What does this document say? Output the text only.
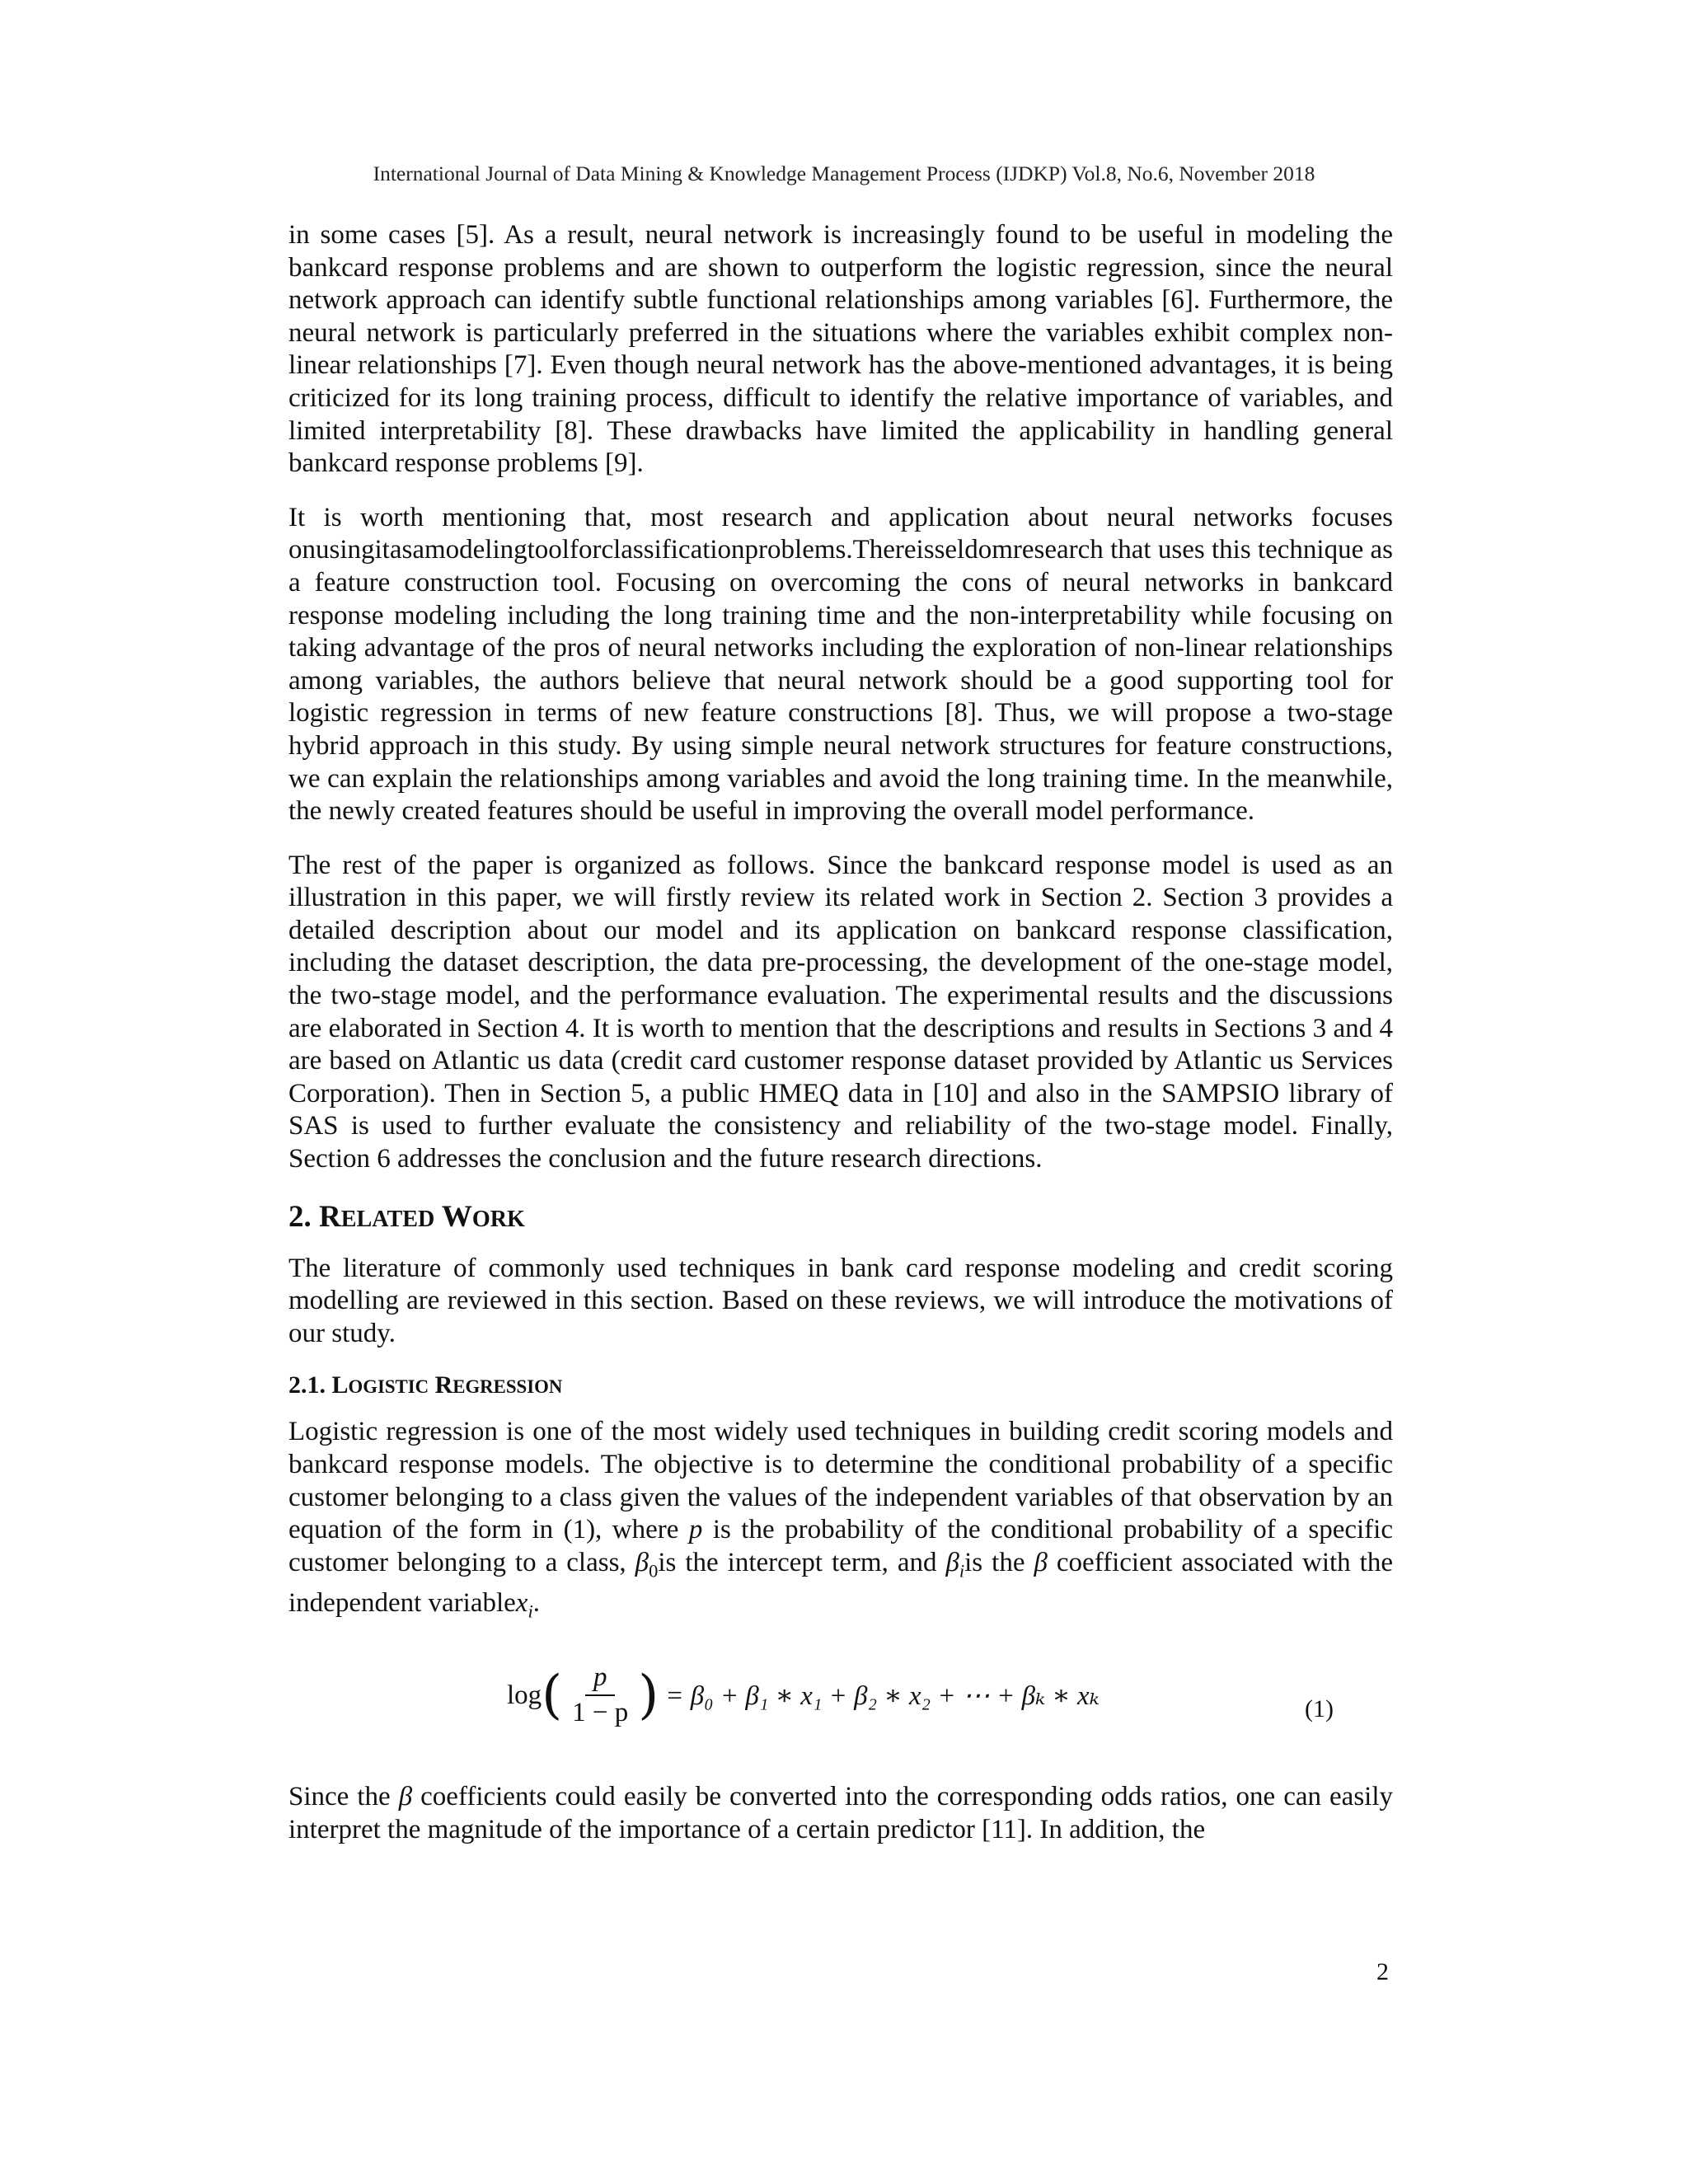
International Journal of Data Mining & Knowledge Management Process (IJDKP) Vol.8, No.6, November 2018

in some cases [5]. As a result, neural network is increasingly found to be useful in modeling the bankcard response problems and are shown to outperform the logistic regression, since the neural network approach can identify subtle functional relationships among variables [6]. Furthermore, the neural network is particularly preferred in the situations where the variables exhibit complex non-linear relationships [7]. Even though neural network has the above-mentioned advantages, it is being criticized for its long training process, difficult to identify the relative importance of variables, and limited interpretability [8]. These drawbacks have limited the applicability in handling general bankcard response problems [9].

It is worth mentioning that, most research and application about neural networks focuses onusingitasamodelingtoolforclassificationproblems.Thereisseldomresearch that uses this technique as a feature construction tool. Focusing on overcoming the cons of neural networks in bankcard response modeling including the long training time and the non-interpretability while focusing on taking advantage of the pros of neural networks including the exploration of non-linear relationships among variables, the authors believe that neural network should be a good supporting tool for logistic regression in terms of new feature constructions [8]. Thus, we will propose a two-stage hybrid approach in this study. By using simple neural network structures for feature constructions, we can explain the relationships among variables and avoid the long training time. In the meanwhile, the newly created features should be useful in improving the overall model performance.

The rest of the paper is organized as follows. Since the bankcard response model is used as an illustration in this paper, we will firstly review its related work in Section 2. Section 3 provides a detailed description about our model and its application on bankcard response classification, including the dataset description, the data pre-processing, the development of the one-stage model, the two-stage model, and the performance evaluation. The experimental results and the discussions are elaborated in Section 4. It is worth to mention that the descriptions and results in Sections 3 and 4 are based on Atlantic us data (credit card customer response dataset provided by Atlantic us Services Corporation). Then in Section 5, a public HMEQ data in [10] and also in the SAMPSIO library of SAS is used to further evaluate the consistency and reliability of the two-stage model. Finally, Section 6 addresses the conclusion and the future research directions.

2. RELATED WORK

The literature of commonly used techniques in bank card response modeling and credit scoring modelling are reviewed in this section. Based on these reviews, we will introduce the motivations of our study.

2.1. LOGISTIC REGRESSION

Logistic regression is one of the most widely used techniques in building credit scoring models and bankcard response models. The objective is to determine the conditional probability of a specific customer belonging to a class given the values of the independent variables of that observation by an equation of the form in (1), where p is the probability of the conditional probability of a specific customer belonging to a class, $\beta_0is$ the intercept term, and $\beta_iis$ the β coefficient associated with the independent variablex$_i$.

log ( $\frac{p}{1 - p}$ ) = β₀ + β₁ ∗ x₁ + β₂ ∗ x₂ + ⋯ + βₖ ∗ xₖ	(1)

Since the β coefficients could easily be converted into the corresponding odds ratios, one can easily interpret the magnitude of the importance of a certain predictor [11]. In addition, the

2
